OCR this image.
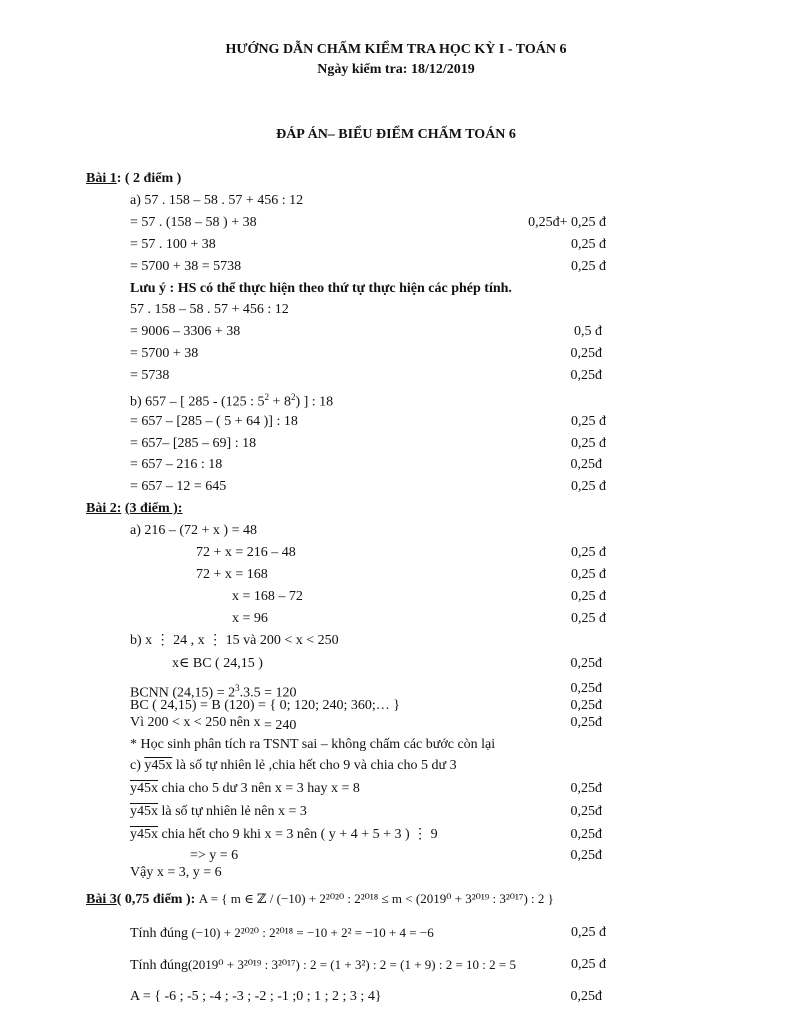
HƯỚNG DẪN CHẤM KIỂM TRA HỌC KỲ I - TOÁN 6
Ngày kiểm tra: 18/12/2019
ĐÁP ÁN– BIỂU ĐIỂM CHẤM TOÁN 6
Bài 1: ( 2 điểm )
a) 57 . 158 – 58 . 57 + 456 : 12
= 57 . (158 – 58 ) + 38	0,25đ+ 0,25 đ
= 57 . 100 + 38	0,25 đ
= 5700 + 38 = 5738	0,25 đ
Lưu ý : HS có thể thực hiện theo thứ tự thực hiện các phép tính.
57 . 158 – 58 . 57 + 456 : 12
= 9006 – 3306 + 38	0,5 đ
= 5700 + 38	0,25đ
= 5738	0,25đ
b) 657 – [ 285 - (125 : $5^2 + 8^2$) ] : 18
= 657 – [285 – ( 5 + 64 )] : 18	0,25 đ
= 657– [285 – 69] : 18	0,25 đ
= 657 – 216 : 18	0,25đ
= 657 – 12 = 645	0,25 đ
Bài 2: (3 điểm ):
a) 216 – (72 + x ) = 48
72 + x = 216 – 48	0,25 đ
72 + x = 168	0,25 đ
x = 168 – 72	0,25 đ
x = 96	0,25 đ
b) x ⋮ 24 , x ⋮ 15 và 200 < x < 250
x∈ BC ( 24,15 )	0,25đ
BCNN $(24,15) = 2^3.3.5 = 120$	0,25đ
BC ( 24,15) = B (120) = { 0; 120; 240; 360;… }	0,25đ
Vì 200 < x < 250 nên x = 240	0,25đ
* Học sinh phân tích ra TSNT sai – không chấm các bước còn lại
c) y45x là số tự nhiên lẻ ,chia hết cho 9 và chia cho 5 dư 3
y45x chia cho 5 dư 3 nên x = 3 hay x = 8	0,25đ
y45x là số tự nhiên lẻ nên x = 3	0,25đ
y45x chia hết cho 9 khi x = 3 nên ( y + 4 + 5 + 3 ) ⋮ 9	0,25đ
=> y = 6	0,25đ
Vậy x = 3, y = 6
Bài 3( 0,75 điểm ): A = { m ∈ ℤ / (−10) + 2²⁰²⁰ : 2²⁰¹⁸ ≤ m < (2019⁰ + 3²⁰¹⁹ : 3²⁰¹⁷) : 2 }
Tính đúng (−10) + 2²⁰²⁰ : 2²⁰¹⁸ = −10 + 2² = −10 + 4 = −6	0,25 đ
Tính đúng(2019⁰ + 3²⁰¹⁹ : 3²⁰¹⁷) : 2 = (1 + 3²) : 2 = (1 + 9) : 2 = 10 : 2 = 5	0,25 đ
A = { -6 ; -5 ; -4 ; -3 ; -2 ; -1 ;0 ; 1 ; 2 ; 3 ; 4}	0,25đ
